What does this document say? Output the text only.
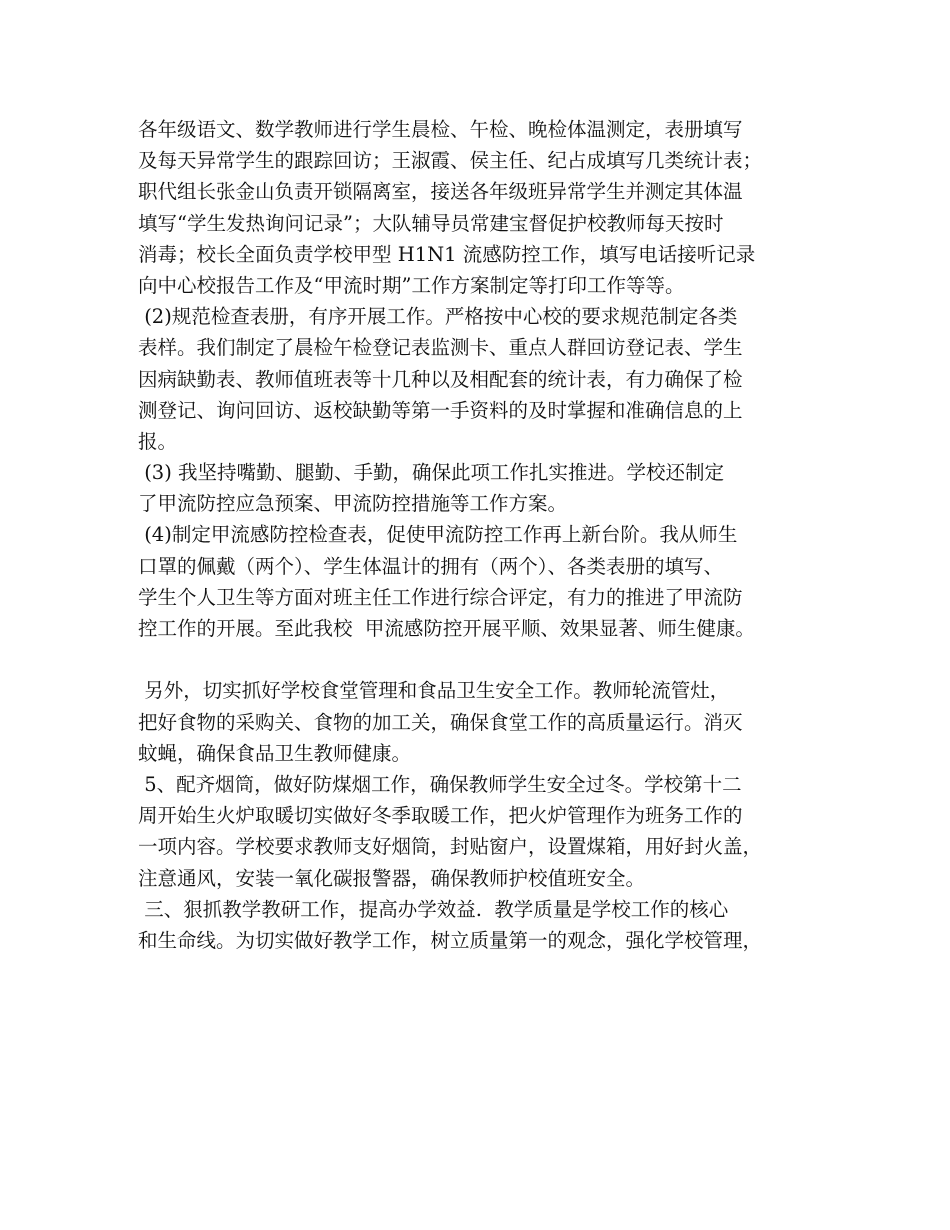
各年级语文、数学教师进行学生晨检、午检、晚检体温测定，表册填写
及每天异常学生的跟踪回访；王淑霞、侯主任、纪占成填写几类统计表；
职代组长张金山负责开锁隔离室，接送各年级班异常学生并测定其体温
填写“学生发热询问记录”；大队辅导员常建宝督促护校教师每天按时
消毒；校长全面负责学校甲型 H1N1 流感防控工作，填写电话接听记录
向中心校报告工作及“甲流时期”工作方案制定等打印工作等等。
(2)规范检查表册，有序开展工作。严格按中心校的要求规范制定各类
表样。我们制定了晨检午检登记表监测卡、重点人群回访登记表、学生
因病缺勤表、教师值班表等十几种以及相配套的统计表，有力确保了检
测登记、询问回访、返校缺勤等第一手资料的及时掌握和准确信息的上
报。
(3) 我坚持嘴勤、腿勤、手勤，确保此项工作扎实推进。学校还制定
了甲流防控应急预案、甲流防控措施等工作方案。
(4)制定甲流感防控检查表，促使甲流防控工作再上新台阶。我从师生
口罩的佩戴（两个）、学生体温计的拥有（两个）、各类表册的填写、
学生个人卫生等方面对班主任工作进行综合评定，有力的推进了甲流防
控工作的开展。至此我校  甲流感防控开展平顺、效果显著、师生健康。
另外，切实抓好学校食堂管理和食品卫生安全工作。教师轮流管灶，
把好食物的采购关、食物的加工关，确保食堂工作的高质量运行。消灭
蚊蝇，确保食品卫生教师健康。
5、配齐烟筒，做好防煤烟工作，确保教师学生安全过冬。学校第十二
周开始生火炉取暖切实做好冬季取暖工作，把火炉管理作为班务工作的
一项内容。学校要求教师支好烟筒，封贴窗户，设置煤箱，用好封火盖，
注意通风，安装一氧化碳报警器，确保教师护校值班安全。
三、狠抓教学教研工作，提高办学效益.  教学质量是学校工作的核心
和生命线。为切实做好教学工作，树立质量第一的观念，强化学校管理，
